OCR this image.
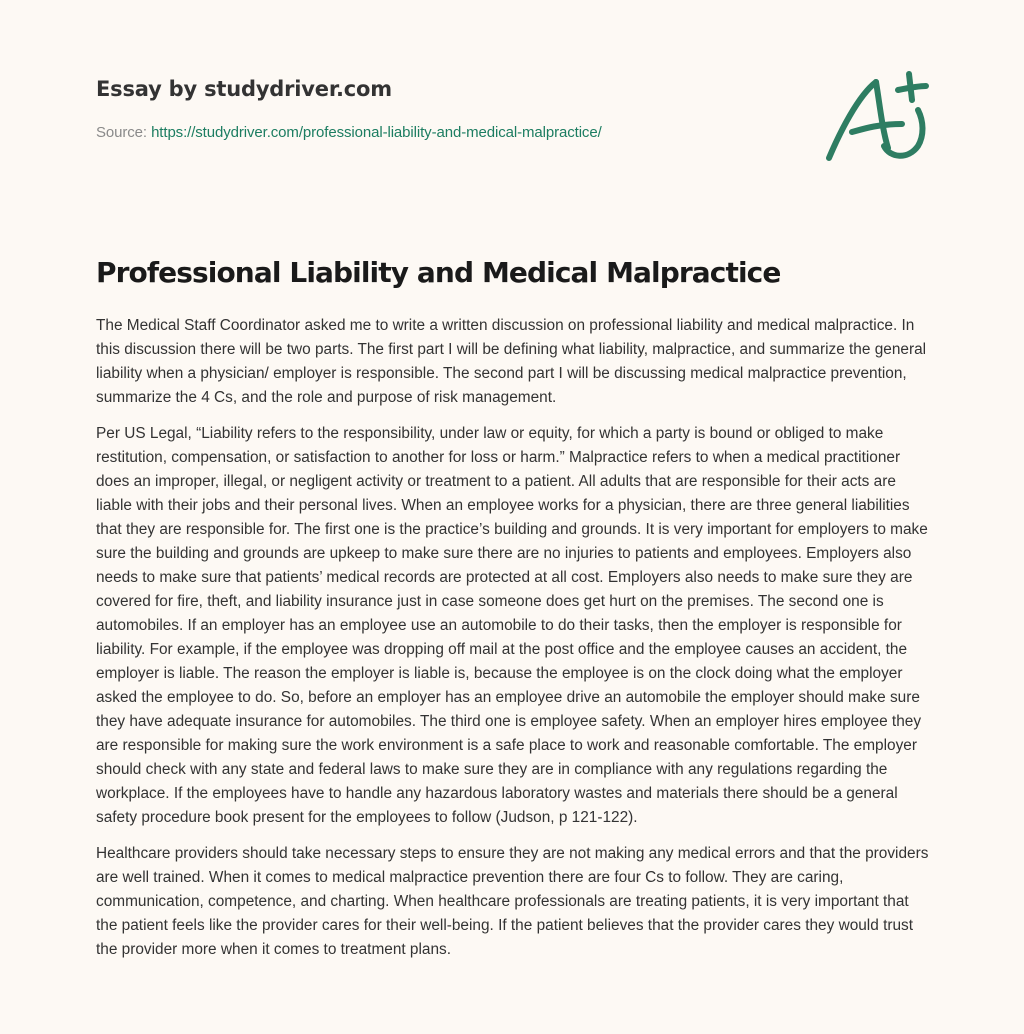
Essay by studydriver.com
Source: https://studydriver.com/professional-liability-and-medical-malpractice/
Professional Liability and Medical Malpractice

The Medical Staff Coordinator asked me to write a written discussion on professional liability and medical malpractice. In this discussion there will be two parts. The first part I will be defining what liability, malpractice, and summarize the general liability when a physician/ employer is responsible. The second part I will be discussing medical malpractice prevention, summarize the 4 Cs, and the role and purpose of risk management.

Per US Legal, “Liability refers to the responsibility, under law or equity, for which a party is bound or obliged to make restitution, compensation, or satisfaction to another for loss or harm.” Malpractice refers to when a medical practitioner does an improper, illegal, or negligent activity or treatment to a patient. All adults that are responsible for their acts are liable with their jobs and their personal lives. When an employee works for a physician, there are three general liabilities that they are responsible for. The first one is the practice’s building and grounds. It is very important for employers to make sure the building and grounds are upkeep to make sure there are no injuries to patients and employees. Employers also needs to make sure that patients’ medical records are protected at all cost. Employers also needs to make sure they are covered for fire, theft, and liability insurance just in case someone does get hurt on the premises. The second one is automobiles. If an employer has an employee use an automobile to do their tasks, then the employer is responsible for liability. For example, if the employee was dropping off mail at the post office and the employee causes an accident, the employer is liable. The reason the employer is liable is, because the employee is on the clock doing what the employer asked the employee to do. So, before an employer has an employee drive an automobile the employer should make sure they have adequate insurance for automobiles. The third one is employee safety. When an employer hires employee they are responsible for making sure the work environment is a safe place to work and reasonable comfortable. The employer should check with any state and federal laws to make sure they are in compliance with any regulations regarding the workplace. If the employees have to handle any hazardous laboratory wastes and materials there should be a general safety procedure book present for the employees to follow (Judson, p 121-122).

Healthcare providers should take necessary steps to ensure they are not making any medical errors and that the providers are well trained. When it comes to medical malpractice prevention there are four Cs to follow. They are caring, communication, competence, and charting. When healthcare professionals are treating patients, it is very important that the patient feels like the provider cares for their well-being. If the patient believes that the provider cares they would trust the provider more when it comes to treatment plans.
